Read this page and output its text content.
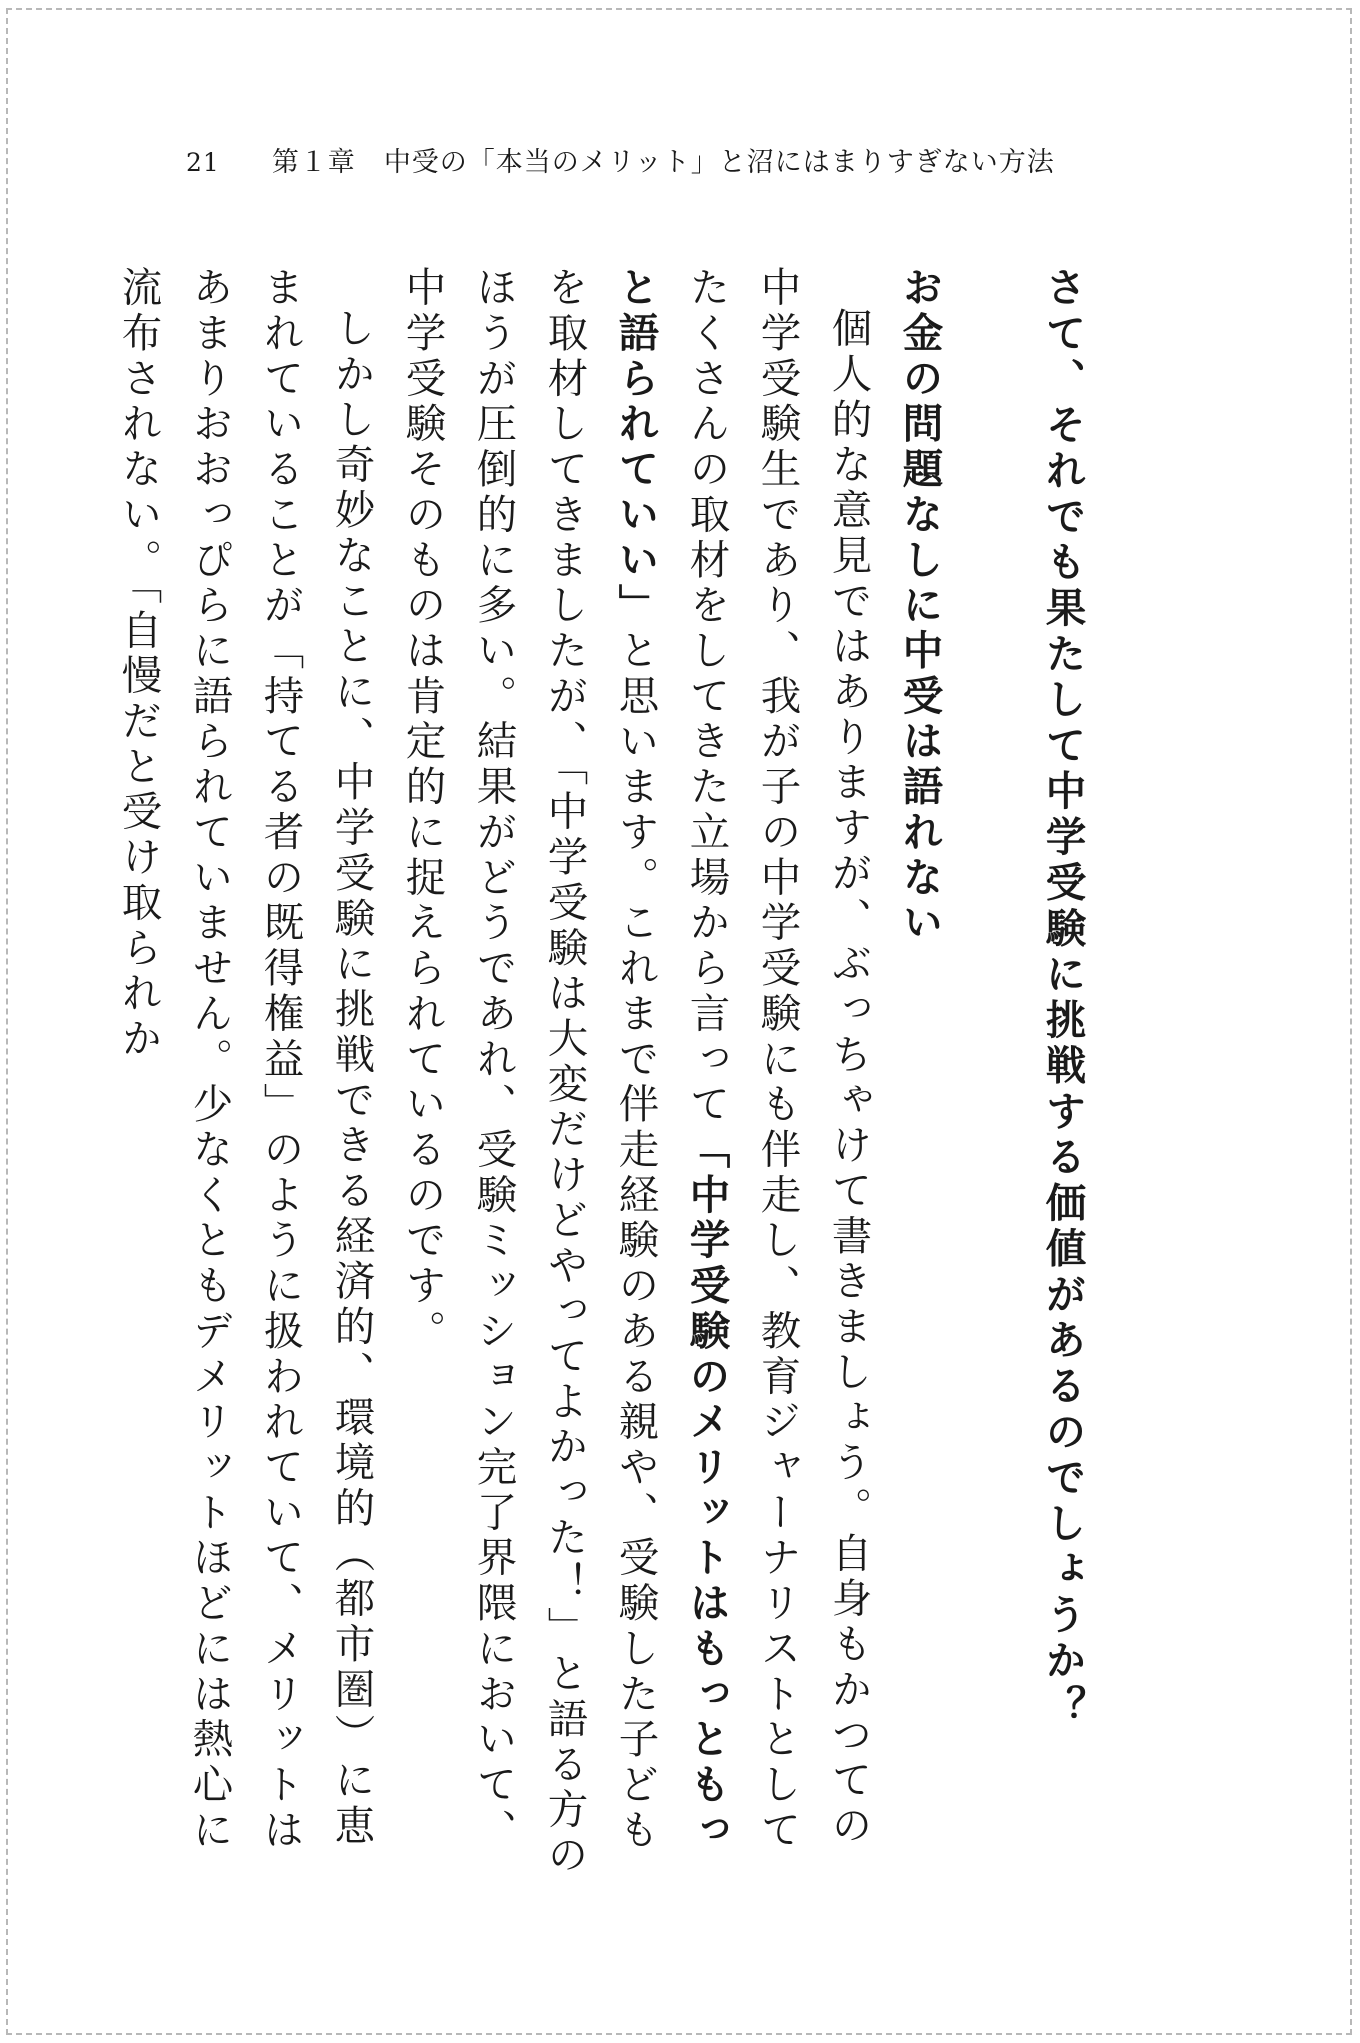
21 第１章 中受の「本当のメリット」と沼にはまりすぎない方法

さて、それでも果たして中学受験に挑戦する価値があるのでしょうか？

お金の問題なしに中受は語れない

個人的な意見ではありますが、ぶっちゃけて書きましょう。自身もかつての中学受験生であり、我が子の中学受験にも伴走し、教育ジャーナリストとしてたくさんの取材をしてきた立場から言って「中学受験のメリットはもっともっと語られていい」と思います。これまで伴走経験のある親や、受験した子どもを取材してきましたが、「中学受験は大変だけどやってよかった！」と語る方のほうが圧倒的に多い。結果がどうであれ、受験ミッション完了界隈において、中学受験そのものは肯定的に捉えられているのです。

しかし奇妙なことに、中学受験に挑戦できる経済的、環境的（都市圏）に恵まれていることが「持てる者の既得権益」のように扱われていて、メリットはあまりおおっぴらに語られていません。少なくともデメリットほどには熱心に流布されない。「自慢だと受け取られか
